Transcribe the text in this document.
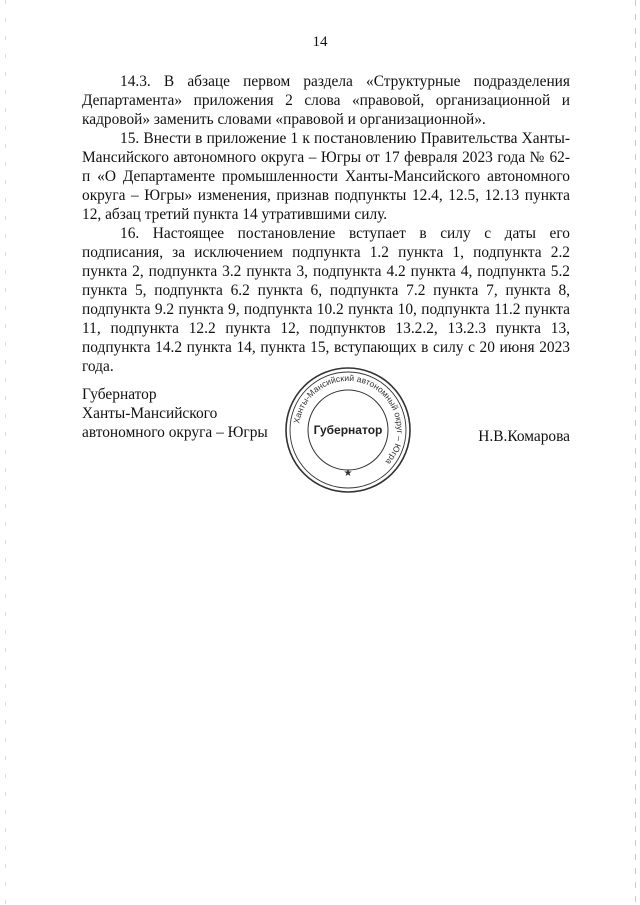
14

14.3. В абзаце первом раздела «Структурные подразделения Департамента» приложения 2 слова «правовой, организационной и кадровой» заменить словами «правовой и организационной».

15. Внести в приложение 1 к постановлению Правительства Ханты-Мансийского автономного округа – Югры от 17 февраля 2023 года № 62-п «О Департаменте промышленности Ханты-Мансийского автономного округа – Югры» изменения, признав подпункты 12.4, 12.5, 12.13 пункта 12, абзац третий пункта 14 утратившими силу.

16. Настоящее постановление вступает в силу с даты его подписания, за исключением подпункта 1.2 пункта 1, подпункта 2.2 пункта 2, подпункта 3.2 пункта 3, подпункта 4.2 пункта 4, подпункта 5.2 пункта 5, подпункта 6.2 пункта 6, подпункта 7.2 пункта 7, пункта 8, подпункта 9.2 пункта 9, подпункта 10.2 пункта 10, подпункта 11.2 пункта 11, подпункта 12.2 пункта 12, подпунктов 13.2.2, 13.2.3 пункта 13, подпункта 14.2 пункта 14, пункта 15, вступающих в силу с 20 июня 2023 года.

Губернатор
Ханты-Мансийского
автономного округа – Югры	Н.В.Комарова
Ханты-Мансийский автономный округ – Югра
★
Губернатор
